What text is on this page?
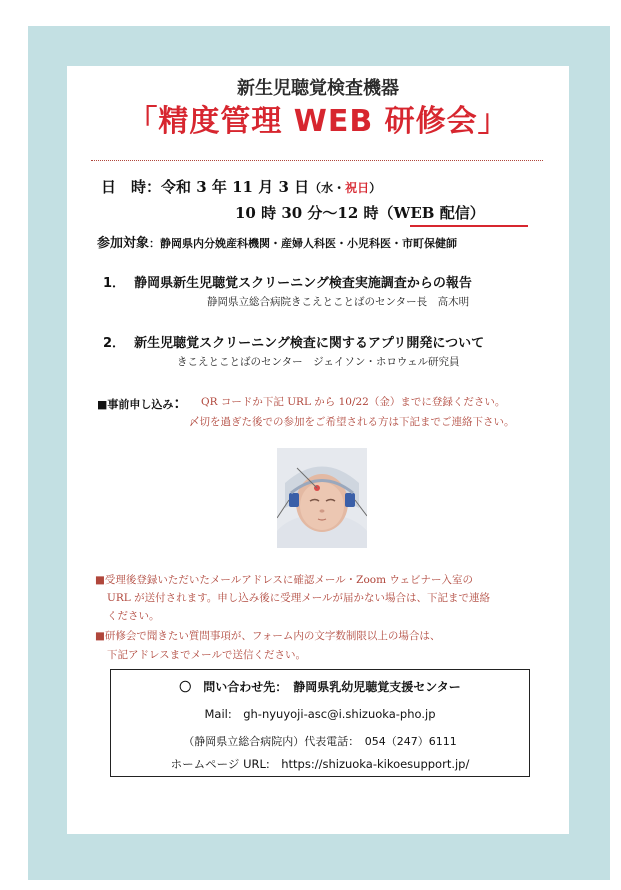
新生児聴覚検査機器
「精度管理 WEB 研修会」
日　時：令和 3 年 11 月 3 日（水・祝日）
10 時 30 分～12 時（WEB 配信）
参加対象：静岡県内分娩産科機関・産婦人科医・小児科医・市町保健師
1． 静岡県新生児聴覚スクリーニング検査実施調査からの報告
静岡県立総合病院きこえとことばのセンター長　高木明
2． 新生児聴覚スクリーニング検査に関するアプリ開発について
きこえとことばのセンター　ジェイソン・ホロウェル研究員
■事前申し込み： QR コードか下記 URL から 10/22（金）までに登録ください。
〆切を過ぎた後での参加をご希望される方は下記までご連絡下さい。
■受理後登録いただいたメールアドレスに確認メール・Zoom ウェビナー入室の
URL が送付されます。申し込み後に受理メールが届かない場合は、下記まで連絡
ください。
■研修会で聞きたい質問事項が、フォーム内の文字数制限以上の場合は、
下記アドレスまでメールで送信ください。
〇　問い合わせ先：　静岡県乳幼児聴覚支援センター
Mail:　gh-nyuyoji-asc@i.shizuoka-pho.jp
（静岡県立総合病院内）代表電話：　054（247）6111
ホームページ URL:　https://shizuoka-kikoesupport.jp/
